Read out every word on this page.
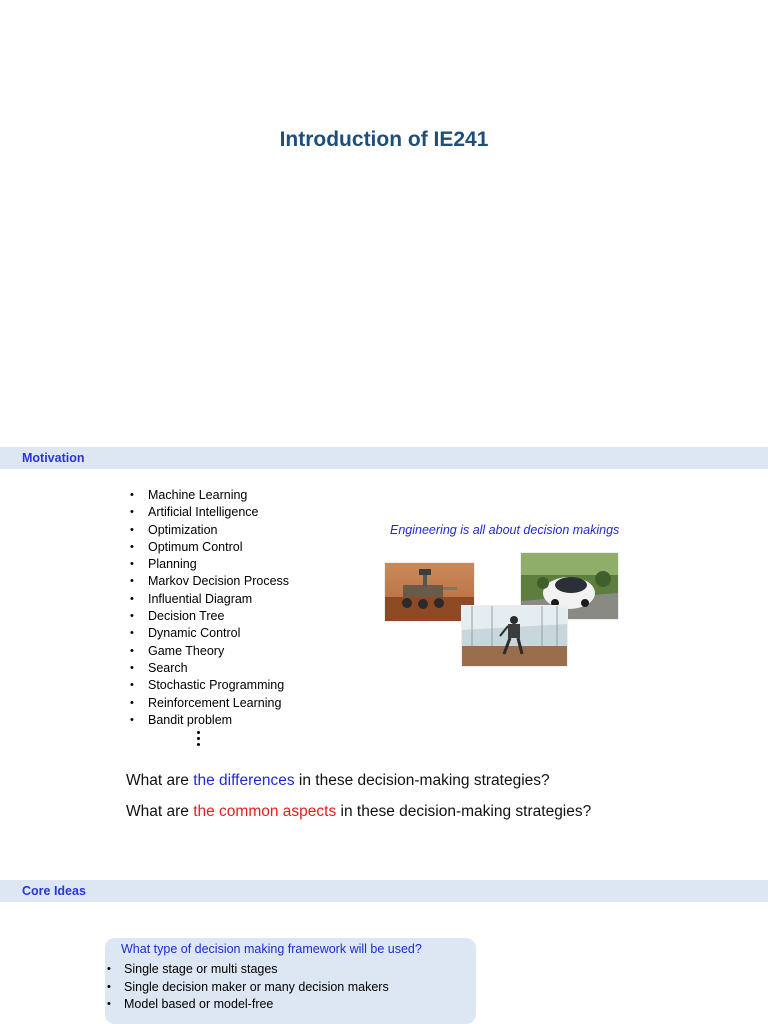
Introduction of IE241
Motivation
• Machine Learning
• Artificial Intelligence
• Optimization
• Optimum Control
• Planning
• Markov Decision Process
• Influential Diagram
• Decision Tree
• Dynamic Control
• Game Theory
• Search
• Stochastic Programming
• Reinforcement Learning
• Bandit problem
Engineering is all about decision makings
What are the differences in these decision-making strategies?
What are the common aspects in these decision-making strategies?
Core Ideas
What type of decision making framework will be used?
• Single stage or multi stages
• Single decision maker or many decision makers
• Model based or model-free
